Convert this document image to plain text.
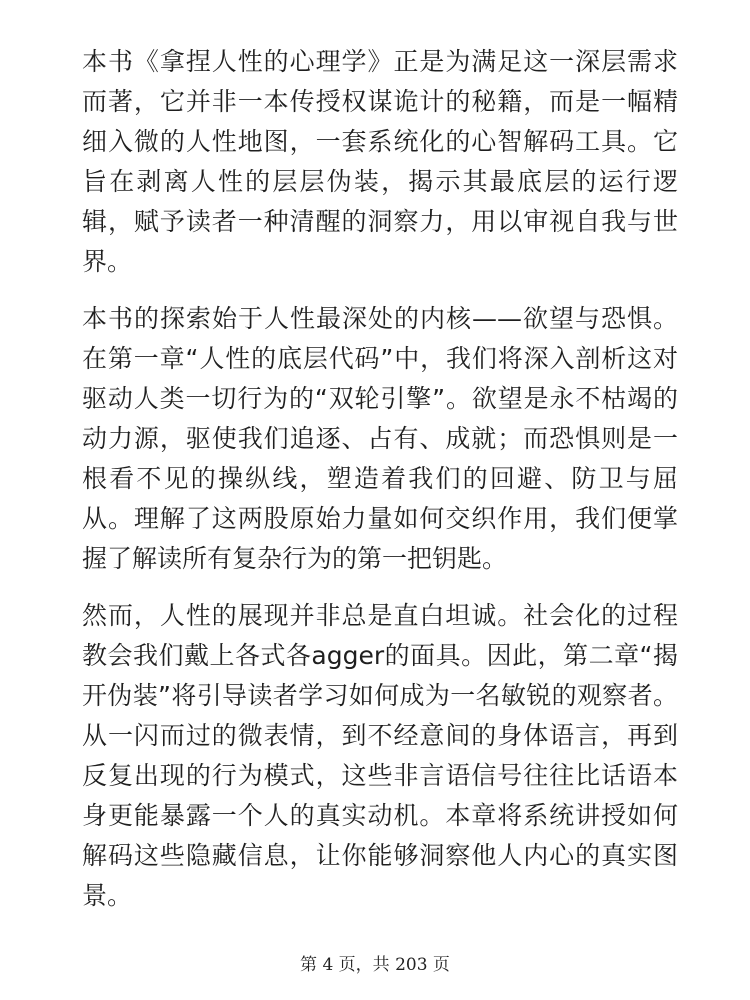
本书《拿捏人性的心理学》正是为满足这一深层需求而著，它并非一本传授权谋诡计的秘籍，而是一幅精细入微的人性地图，一套系统化的心智解码工具。它旨在剥离人性的层层伪装，揭示其最底层的运行逻辑，赋予读者一种清醒的洞察力，用以审视自我与世界。

本书的探索始于人性最深处的内核——欲望与恐惧。在第一章“人性的底层代码”中，我们将深入剖析这对驱动人类一切行为的“双轮引擎”。欲望是永不枯竭的动力源，驱使我们追逐、占有、成就；而恐惧则是一根看不见的操纵线，塑造着我们的回避、防卫与屈从。理解了这两股原始力量如何交织作用，我们便掌握了解读所有复杂行为的第一把钥匙。

然而，人性的展现并非总是直白坦诚。社会化的过程教会我们戴上各式各agger的面具。因此，第二章“揭开伪装”将引导读者学习如何成为一名敏锐的观察者。从一闪而过的微表情，到不经意间的身体语言，再到反复出现的行为模式，这些非言语信号往往比话语本身更能暴露一个人的真实动机。本章将系统讲授如何解码这些隐藏信息，让你能够洞察他人内心的真实图景。

第 4 页，共 203 页
